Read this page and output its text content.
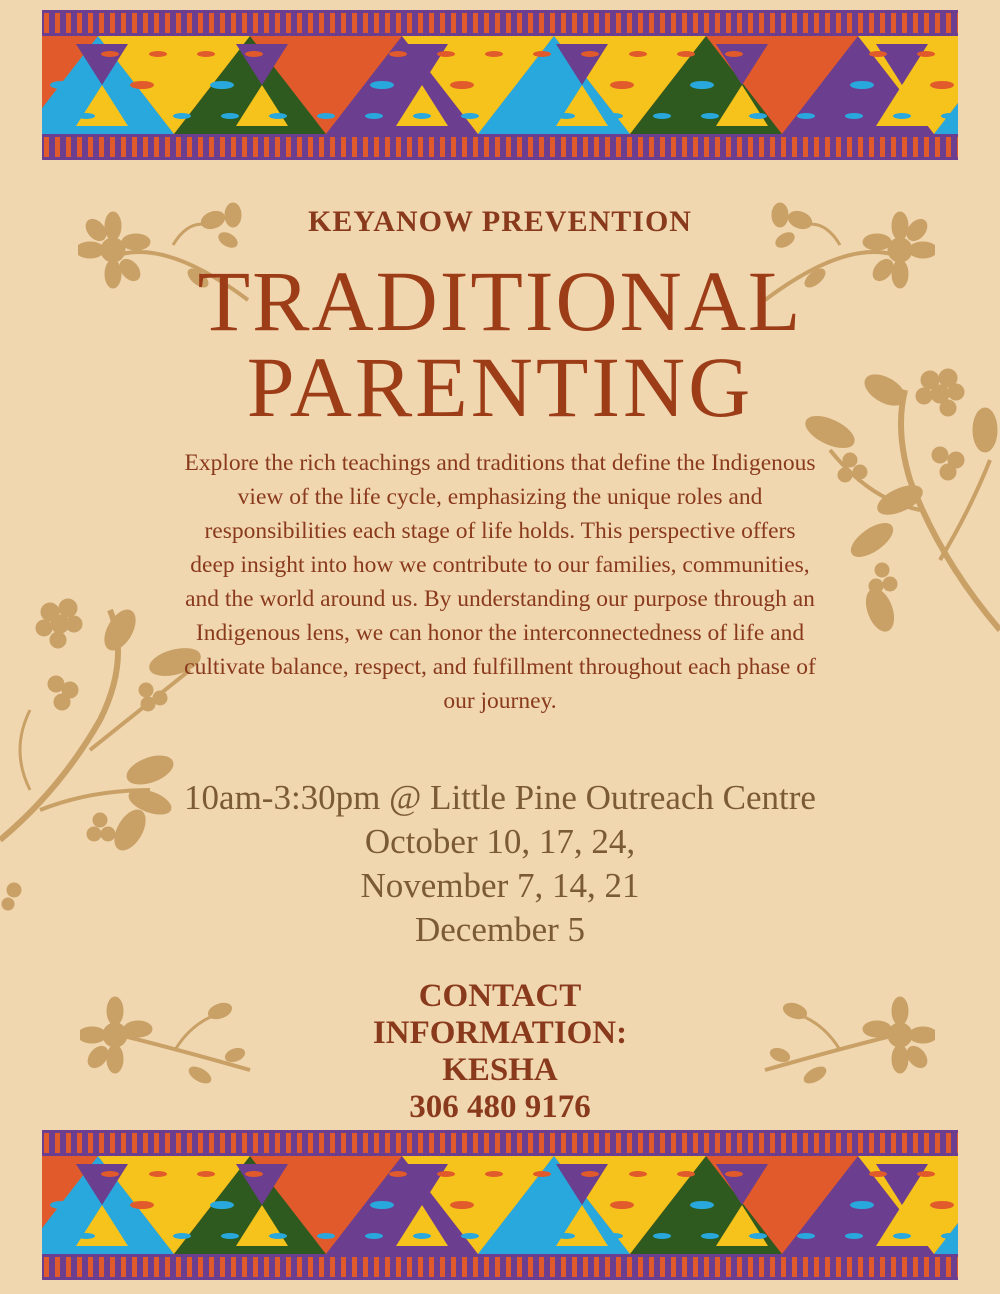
KEYANOW PREVENTION

TRADITIONAL
PARENTING

Explore the rich teachings and traditions that define the Indigenous view of the life cycle, emphasizing the unique roles and responsibilities each stage of life holds. This perspective offers deep insight into how we contribute to our families, communities, and the world around us. By understanding our purpose through an Indigenous lens, we can honor the interconnectedness of life and cultivate balance, respect, and fulfillment throughout each phase of our journey.

10am-3:30pm @ Little Pine Outreach Centre
October 10, 17, 24,
November 7, 14, 21
December 5
CONTACT
INFORMATION:
KESHA
306 480 9176
